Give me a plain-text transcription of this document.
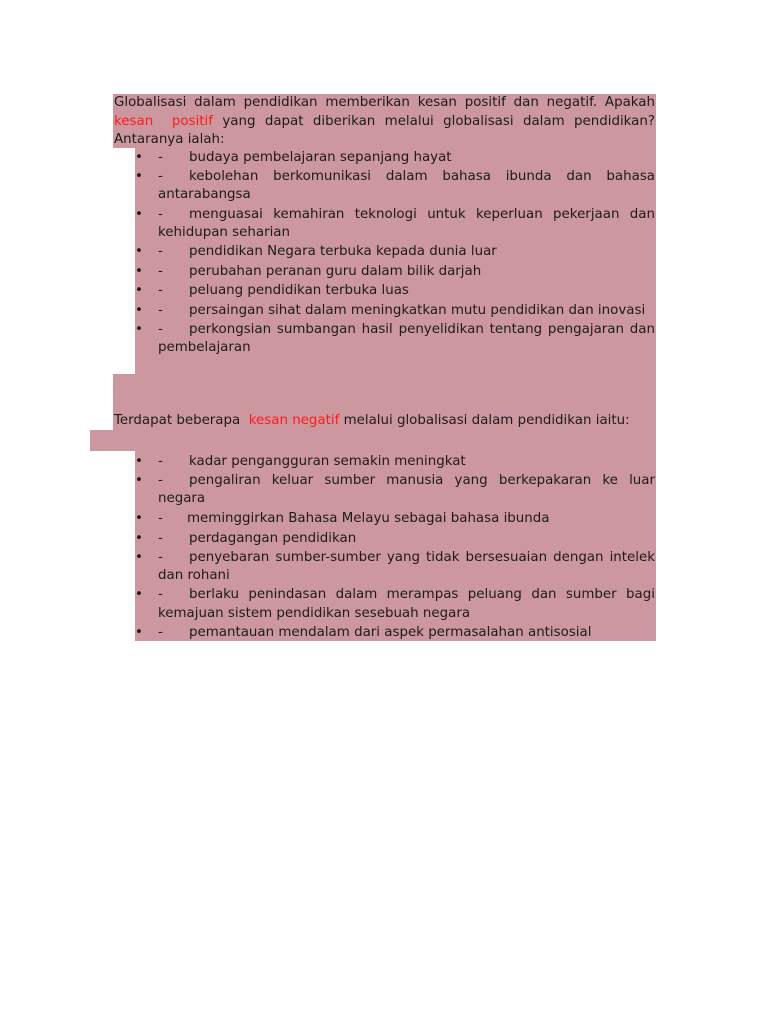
Globalisasi dalam pendidikan memberikan kesan positif dan negatif. Apakah kesan  positif yang dapat diberikan melalui globalisasi dalam pendidikan? Antaranya ialah:

• - budaya pembelajaran sepanjang hayat
• - kebolehan berkomunikasi dalam bahasa ibunda dan bahasa antarabangsa
• - menguasai kemahiran teknologi untuk keperluan pekerjaan dan kehidupan seharian
• - pendidikan Negara terbuka kepada dunia luar
• - perubahan peranan guru dalam bilik darjah
• - peluang pendidikan terbuka luas
• - persaingan sihat dalam meningkatkan mutu pendidikan dan inovasi
• - perkongsian sumbangan hasil penyelidikan tentang pengajaran dan pembelajaran

Terdapat beberapa  kesan negatif melalui globalisasi dalam pendidikan iaitu:

• - kadar pengangguran semakin meningkat
• - pengaliran keluar sumber manusia yang berkepakaran ke luar negara
• - meminggirkan Bahasa Melayu sebagai bahasa ibunda
• - perdagangan pendidikan
• - penyebaran sumber-sumber yang tidak bersesuaian dengan intelek dan rohani
• - berlaku penindasan dalam merampas peluang dan sumber bagi kemajuan sistem pendidikan sesebuah negara
• - pemantauan mendalam dari aspek permasalahan antisosial
